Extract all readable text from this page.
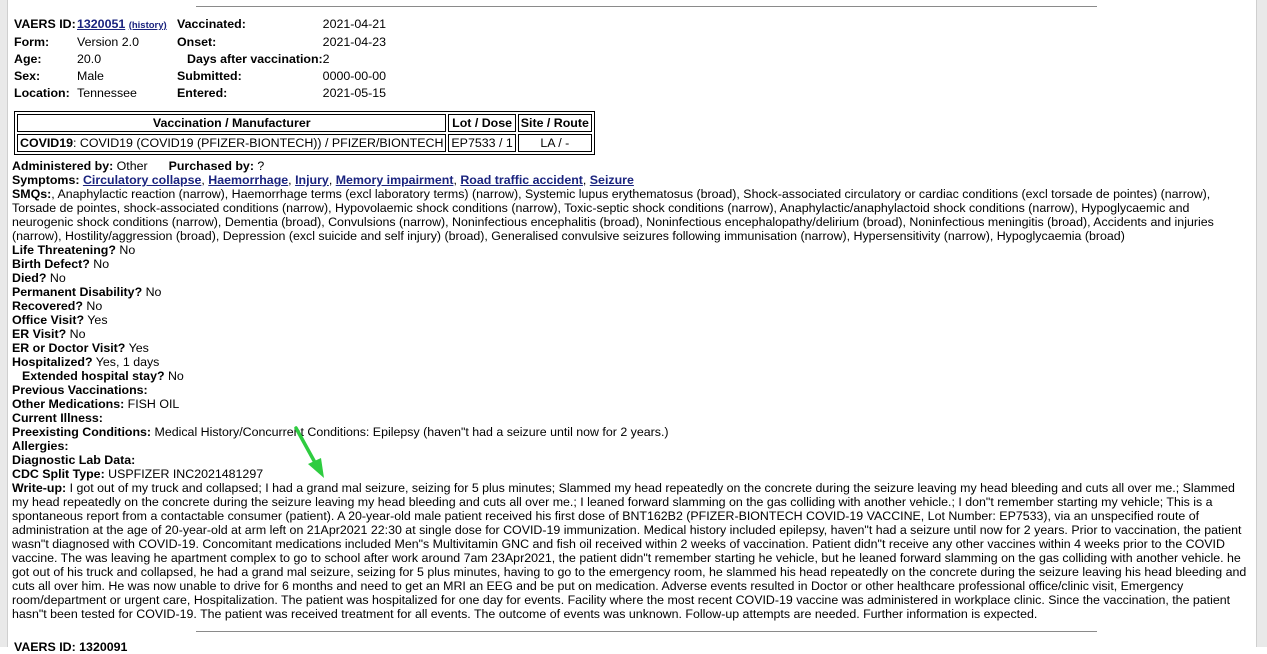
VAERS ID:	1320051 (history)	Vaccinated:	2021-04-21
Form:	Version 2.0	Onset:	2021-04-23
Age:	20.0	Days after vaccination:	2
Sex:	Male	Submitted:	0000-00-00
Location:	Tennessee	Entered:	2021-05-15
Vaccination / Manufacturer	Lot / Dose	Site / Route
COVID19: COVID19 (COVID19 (PFIZER-BIONTECH)) / PFIZER/BIONTECH	EP7533 / 1	LA / -
Administered by: Other Purchased by: ?
Symptoms: Circulatory collapse, Haemorrhage, Injury, Memory impairment, Road traffic accident, Seizure
SMQs:, Anaphylactic reaction (narrow), Haemorrhage terms (excl laboratory terms) (narrow), Systemic lupus erythematosus (broad), Shock-associated circulatory or cardiac conditions (excl torsade de pointes) (narrow), Torsade de pointes, shock-associated conditions (narrow), Hypovolaemic shock conditions (narrow), Toxic-septic shock conditions (narrow), Anaphylactic/anaphylactoid shock conditions (narrow), Hypoglycaemic and neurogenic shock conditions (narrow), Dementia (broad), Convulsions (narrow), Noninfectious encephalitis (broad), Noninfectious encephalopathy/delirium (broad), Noninfectious meningitis (broad), Accidents and injuries (narrow), Hostility/aggression (broad), Depression (excl suicide and self injury) (broad), Generalised convulsive seizures following immunisation (narrow), Hypersensitivity (narrow), Hypoglycaemia (broad)
Life Threatening? No
Birth Defect? No
Died? No
Permanent Disability? No
Recovered? No
Office Visit? Yes
ER Visit? No
ER or Doctor Visit? Yes
Hospitalized? Yes, 1 days
Extended hospital stay? No
Previous Vaccinations:
Other Medications: FISH OIL
Current Illness:
Preexisting Conditions: Medical History/Concurrent Conditions: Epilepsy (haven"t had a seizure until now for 2 years.)
Allergies:
Diagnostic Lab Data:
CDC Split Type: USPFIZER INC2021481297
Write-up: I got out of my truck and collapsed; I had a grand mal seizure, seizing for 5 plus minutes; Slammed my head repeatedly on the concrete during the seizure leaving my head bleeding and cuts all over me.; Slammed my head repeatedly on the concrete during the seizure leaving my head bleeding and cuts all over me.; I leaned forward slamming on the gas colliding with another vehicle.; I don"t remember starting my vehicle; This is a spontaneous report from a contactable consumer (patient). A 20-year-old male patient received his first dose of BNT162B2 (PFIZER-BIONTECH COVID-19 VACCINE, Lot Number: EP7533), via an unspecified route of administration at the age of 20-year-old at arm left on 21Apr2021 22:30 at single dose for COVID-19 immunization. Medical history included epilepsy, haven"t had a seizure until now for 2 years. Prior to vaccination, the patient wasn"t diagnosed with COVID-19. Concomitant medications included Men"s Multivitamin GNC and fish oil received within 2 weeks of vaccination. Patient didn"t receive any other vaccines within 4 weeks prior to the COVID vaccine. The was leaving he apartment complex to go to school after work around 7am 23Apr2021, the patient didn"t remember starting he vehicle, but he leaned forward slamming on the gas colliding with another vehicle. he got out of his truck and collapsed, he had a grand mal seizure, seizing for 5 plus minutes, having to go to the emergency room, he slammed his head repeatedly on the concrete during the seizure leaving his head bleeding and cuts all over him. He was now unable to drive for 6 months and need to get an MRI an EEG and be put on medication. Adverse events resulted in Doctor or other healthcare professional office/clinic visit, Emergency room/department or urgent care, Hospitalization. The patient was hospitalized for one day for events. Facility where the most recent COVID-19 vaccine was administered in workplace clinic. Since the vaccination, the patient hasn"t been tested for COVID-19. The patient was received treatment for all events. The outcome of events was unknown. Follow-up attempts are needed. Further information is expected.
VAERS ID: 1320091
